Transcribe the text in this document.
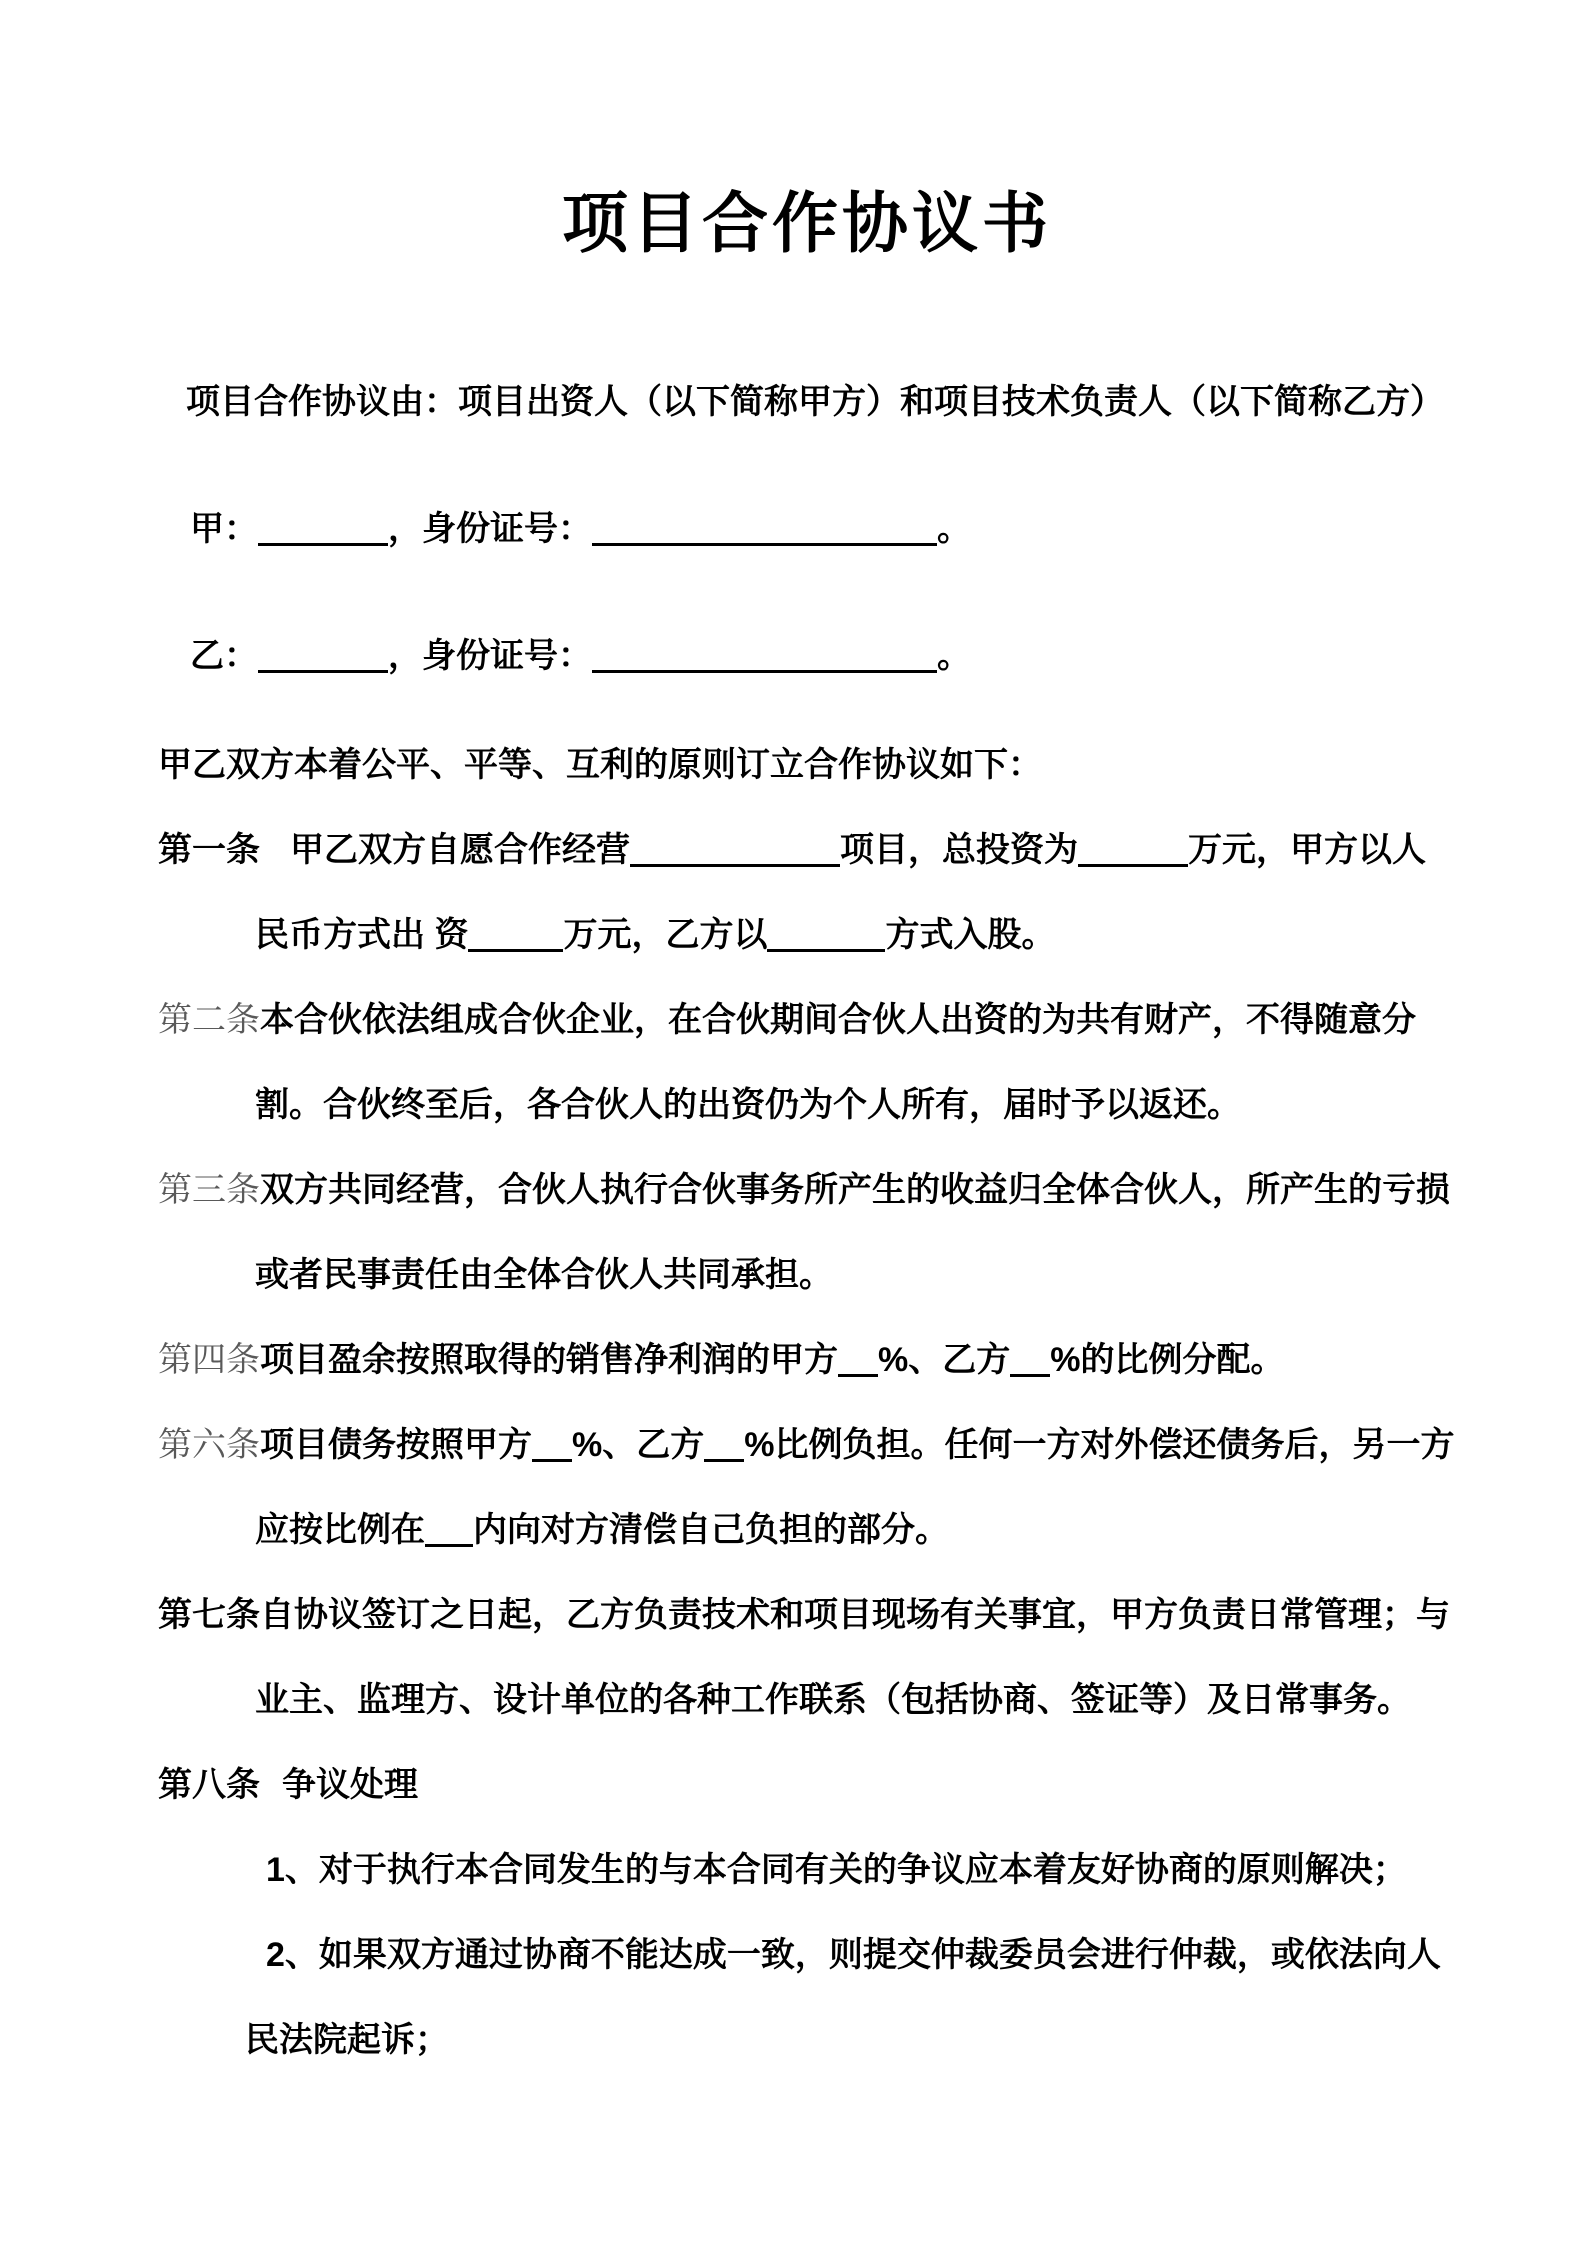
项目合作协议书

项目合作协议由：项目出资人（以下简称甲方）和项目技术负责人（以下简称乙方）

甲：	，身份证号：	。

乙：	，身份证号：	。

甲乙双方本着公平、平等、互利的原则订立合作协议如下：

第一条 甲乙双方自愿合作经营	项目，总投资为	万元，甲方以人民币方式出 资	万元，乙方以	方式入股。

第二条本合伙依法组成合伙企业，在合伙期间合伙人出资的为共有财产，不得随意分割。合伙终至后，各合伙人的出资仍为个人所有，届时予以返还。

第三条双方共同经营，合伙人执行合伙事务所产生的收益归全体合伙人，所产生的亏损或者民事责任由全体合伙人共同承担。

第四条项目盈余按照取得的销售净利润的甲方 %、乙方 %的比例分配。

第六条项目债务按照甲方 %、乙方 %比例负担。任何一方对外偿还债务后，另一方应按比例在 内向对方清偿自己负担的部分。

第七条自协议签订之日起，乙方负责技术和项目现场有关事宜，甲方负责日常管理；与业主、监理方、设计单位的各种工作联系（包括协商、签证等）及日常事务。

第八条 争议处理

1、对于执行本合同发生的与本合同有关的争议应本着友好协商的原则解决；

2、如果双方通过协商不能达成一致，则提交仲裁委员会进行仲裁，或依法向人民法院起诉；
